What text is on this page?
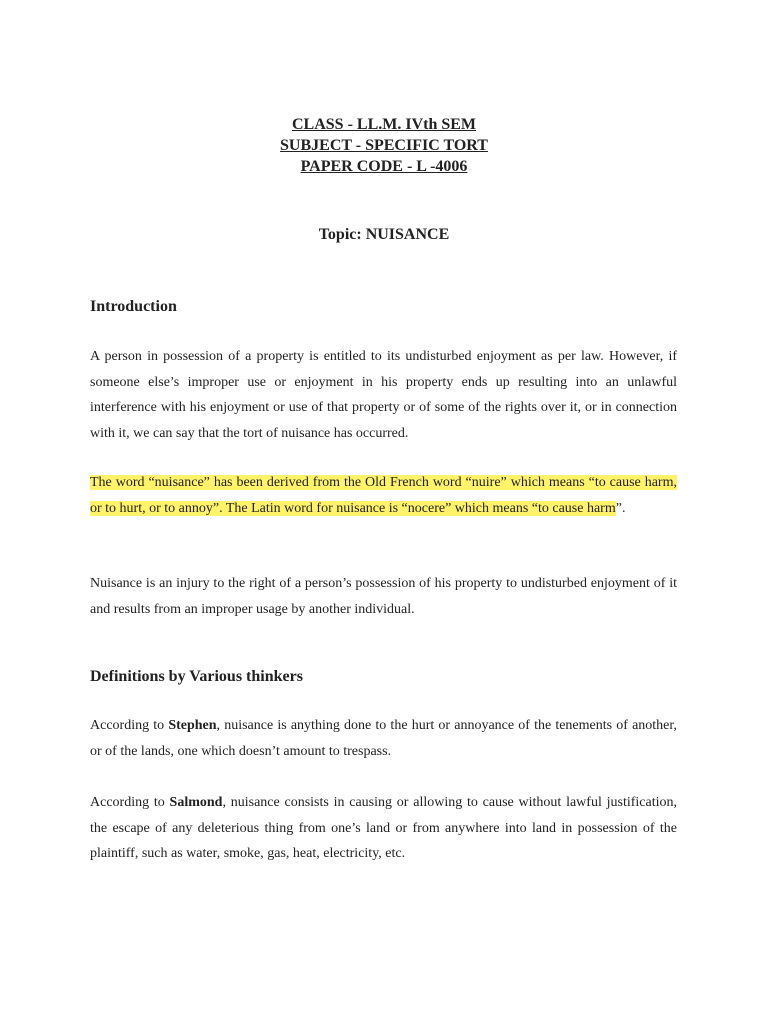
CLASS - LL.M. IVth SEM
SUBJECT - SPECIFIC TORT
PAPER CODE - L -4006
Topic: NUISANCE
Introduction

A person in possession of a property is entitled to its undisturbed enjoyment as per law. However, if someone else’s improper use or enjoyment in his property ends up resulting into an unlawful interference with his enjoyment or use of that property or of some of the rights over it, or in connection with it, we can say that the tort of nuisance has occurred.

The word “nuisance” has been derived from the Old French word “nuire” which means “to cause harm, or to hurt, or to annoy”. The Latin word for nuisance is “nocere” which means “to cause harm”.

Nuisance is an injury to the right of a person’s possession of his property to undisturbed enjoyment of it and results from an improper usage by another individual.

Definitions by Various thinkers

According to Stephen, nuisance is anything done to the hurt or annoyance of the tenements of another, or of the lands, one which doesn’t amount to trespass.

According to Salmond, nuisance consists in causing or allowing to cause without lawful justification, the escape of any deleterious thing from one’s land or from anywhere into land in possession of the plaintiff, such as water, smoke, gas, heat, electricity, etc.
